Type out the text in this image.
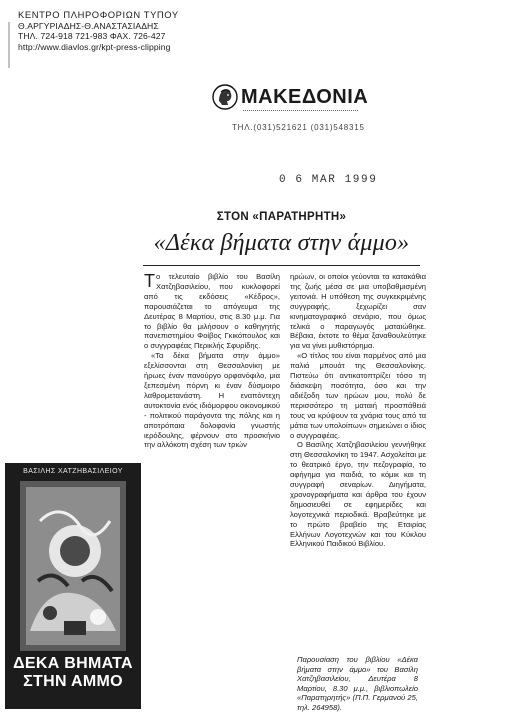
ΚΕΝΤΡΟ ΠΛΗΡΟΦΟΡΙΩΝ ΤΥΠΟΥ
Θ.ΑΡΓΥΡΙΑΔΗΣ-Θ.ΑΝΑΣΤΑΣΙΑΔΗΣ
ΤΗΛ. 724-918 721-983 ΦΑΧ. 726-427
http://www.diavlos.gr/kpt-press-clipping
ΜΑΚΕΔΟΝΙΑ
ΤΗΛ.(031)521621 (031)548315
0 6 MAR 1999
ΣΤΟΝ «ΠΑΡΑΤΗΡΗΤΗ»
«Δέκα βήματα στην άμμο»

Το τελευταίο βιβλίο του Βασίλη Χατζηβασιλείου, που κυκλοφορεί από τις εκδόσεις «Κέδρος», παρουσιάζεται το απόγευμα της Δευτέρας 8 Μαρτίου, στις 8.30 μ.μ. Για το βιβλίο θα μιλήσουν ο καθηγητής πανεπιστημίου Φοίβος Γκικόπουλος και ο συγγραφέας Περικλής Σφυρίδης.

«Τα δέκα βήματα στην άμμο» εξελίσσονται στη Θεσσαλονίκη με ήρωες έναν πανούργο ορφανόφιλο, μια ξεπεσμένη πόρνη κι έναν δύσμοιρο λαθρομετανάστη. Η εναπόντεχη αυτοκτονία ενός ιδιόμορφου οικονομικού - πολιτικού παράγοντα της πόλης και η αποτρόπαια δολοφονία γνωστής ιερόδουλης, φέρνουν στο προσκήνιο την αλλόκοτη σχέση των τριών

ηρώων, οι οποίοι γεύονται τα κατακάθια της ζωής μέσα σε μια υποβαθμισμένη γειτονιά. Η υπόθεση της συγκεκριμένης συγγραφής, ξεχωρίζει σαν κινηματογραφικό σενάριο, που όμως τελικά ο παραγωγός ματαιώθηκε. Βέβαια, έκτοτε το θέμα ξαναθουλεύτηκε για να γίνει μυθιστόρημα.

«Ο τίτλος του είναι παρμένος από μια παλιά μπουάτ της Θεσσαλονίκης. Πιστεύω ότι αντικατοπτρίζει τόσο τη διάσκεψη ποσότητα, όσο και την αδιέξοδη των ηρώων μου, πολύ δε περισσότερο τη ματαιή προσπάθειά τους να κρύψουν τα χνάρια τους από τα μάτια των υπολοίπων» σημειώνει ο ίδιος ο συγγραφέας.

Ο Βασίλης Χατζηβασιλείου γεννήθηκε στη Θεσσαλονίκη το 1947. Ασχολείται με το θεατρικό έργο, την πεζογραφία, το αφήγημα για παιδιά, το κόμικ και τη συγγραφή σεναρίων. Διηγήματα, χρονογραφήματα και άρθρα του έχουν δημοσιευθεί σε εφημερίδες και λογοτεχνικά περιοδικά. Βραβεύτηκε με το πρώτο βραβείο της Εταιρίας Ελλήνων Λογοτεχνών και του Κύκλου Ελληνικού Παιδικού Βιβλίου.

ΒΑΣΙΛΗΣ ΧΑΤΖΗΒΑΣΙΛΕΙΟΥ
ΔΕΚΑ ΒΗΜΑΤΑ
ΣΤΗΝ ΑΜΜΟ
Παρουσίαση του βιβλίου «Δέκα βήματα στην άμμο» του Βασίλη Χατζηβασιλείου, Δευτέρα 8 Μαρτίου, 8.30 μ.μ., βιβλιοπωλείο «Παρατηρητής» (Π.Π. Γερμανού 25, τηλ. 264958).
